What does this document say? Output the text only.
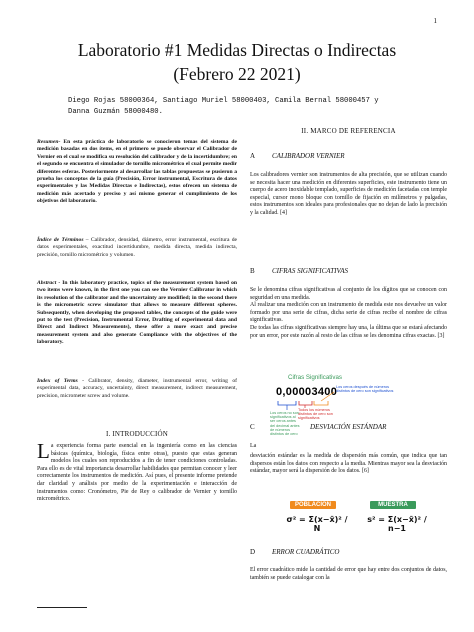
1
Laboratorio #1 Medidas Directas o Indirectas
(Febrero 22 2021)
Diego Rojas 58000364, Santiago Muriel 58000403, Camila Bernal 58000457 y
Danna Guzmán 58000480.
Resumen- En esta práctica de laboratorio se conocieron temas del sistema de medición basadas en dos ítems, en el primero se puede observar el Calibrador de Vernier en el cual se modifica su resolución del calibrador y de la incertidumbre; en el segundo se encuentra el simulador de tornillo micrométrico el cual permite medir diferentes esferas. Posteriormente al desarrollar las tablas propuestas se pusieron a prueba los conceptos de la guía (Precisión, Error instrumental, Escritura de datos experimentales y las Medidas Directas e Indirectas), estos ofrecen un sistema de medición más acertado y preciso y así mismo generar el cumplimiento de los objetivos del laboratorio.
Índice de Términos – Calibrador, densidad, diámetro, error instrumental, escritura de datos experimentales, exactitud incertidumbre, medida directa, medida indirecta, precisión, tornillo micrométrico y volumen.
Abstract - In this laboratory practice, topics of the measurement system based on two items were known, in the first one you can see the Vernier Calibrator in which its resolution of the calibrator and the uncertainty are modified; in the second there is the micrometric screw simulator that allows to measure different spheres. Subsequently, when developing the proposed tables, the concepts of the guide were put to the test (Precision, Instrumental Error, Drafting of experimental data and Direct and Indirect Measurements), these offer a more exact and precise measurement system and also generate Compliance with the objectives of the laboratory.
Index of Terms - Calibrator, density, diameter, instrumental error, writing of experimental data, accuracy, uncertainty, direct measurement, indirect measurement, precision, micrometer screw and volume.
I. INTRODUCCIÓN
La experiencia forma parte esencial en la ingeniería como en las ciencias básicas (química, biología, física entre otras), puesto que estas generan modelos los cuales son reproducidos a fin de tener condiciones controladas. Para ello es de vital importancia desarrollar habilidades que permitan conocer y leer correctamente los instrumentos de medición. Así pues, el presente informe pretende dar claridad y análisis por medio de la experimentación e interacción de instrumentos como: Cronómetro, Pie de Rey o calibrador de Vernier y tornillo micrométrico.
II. MARCO DE REFERENCIA
A CALIBRADOR VERNIER
Los calibradores vernier son instrumentos de alta precisión, que se utilizan cuando se necesita hacer una medición en diferentes superficies, este instrumento tiene un cuerpo de acero inoxidable templado, superficies de medición facetadas con temple especial, cursor mono bloque con tornillo de fijación en milímetros y pulgadas, estos instrumentos son ideales para profesionales que no dejan de lado la precisión y la calidad. [4]
B CIFRAS SIGNIFICATIVAS
Se le denomina cifras significativas al conjunto de los dígitos que se conocen con seguridad en una medida.
Al realizar una medición con un instrumento de medida este nos devuelve un valor formado por una serie de cifras, dicha serie de cifras recibe el nombre de cifras significativas.
De todas las cifras significativas siempre hay una, la última que se estará afectando por un error, por este razón al resto de las cifras se les denomina cifras exactas. [3]
Cifras Significativas
0,00003400
Los ceros después de números distintos de cero son significativos
Todos los números distintos de cero son significativos
Los ceros no son significativos al ser ceros antes del decimal antes de números distintos de cero
C	DESVIACIÓN ESTÁNDAR
La
desviación estándar es la medida de dispersión más común, que indica que tan dispersos están los datos con respecto a la media. Mientras mayor sea la desviación estándar, mayor será la dispersión de los datos. [6]
POBLACIÓN	MUESTRA
σ² = Σ(x−x̄)² / N
s² = Σ(x−x̄)² / n−1
D ERROR CUADRÁTICO
El error cuadrático mide la cantidad de error que hay entre dos conjuntos de datos, también se puede catalogar con la
